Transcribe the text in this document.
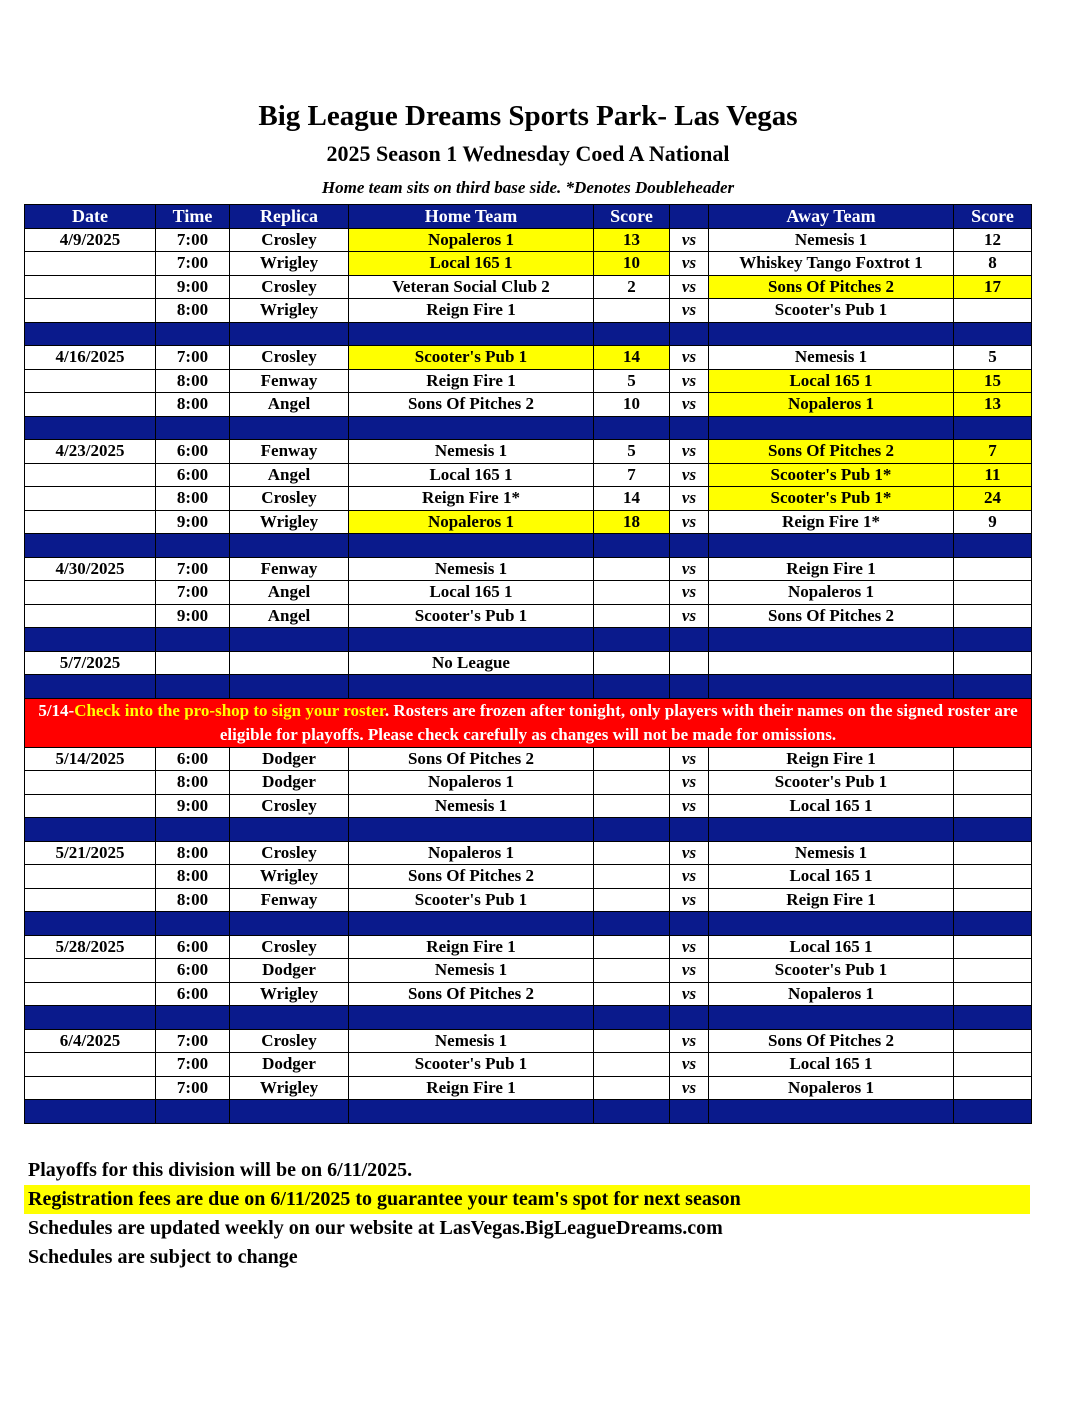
Big League Dreams Sports Park- Las Vegas
2025 Season 1 Wednesday Coed A National
Home team sits on third base side. *Denotes Doubleheader
Date	Time	Replica	Home Team	Score		Away Team	Score
4/9/2025	7:00	Crosley	Nopaleros 1	13	vs	Nemesis 1	12
	7:00	Wrigley	Local 165 1	10	vs	Whiskey Tango Foxtrot 1	8
	9:00	Crosley	Veteran Social Club 2	2	vs	Sons Of Pitches 2	17
	8:00	Wrigley	Reign Fire 1		vs	Scooter's Pub 1	

4/16/2025	7:00	Crosley	Scooter's Pub 1	14	vs	Nemesis 1	5
	8:00	Fenway	Reign Fire 1	5	vs	Local 165 1	15
	8:00	Angel	Sons Of Pitches 2	10	vs	Nopaleros 1	13

4/23/2025	6:00	Fenway	Nemesis 1	5	vs	Sons Of Pitches 2	7
	6:00	Angel	Local 165 1	7	vs	Scooter's Pub 1*	11
	8:00	Crosley	Reign Fire 1*	14	vs	Scooter's Pub 1*	24
	9:00	Wrigley	Nopaleros 1	18	vs	Reign Fire 1*	9

4/30/2025	7:00	Fenway	Nemesis 1		vs	Reign Fire 1	
	7:00	Angel	Local 165 1		vs	Nopaleros 1	
	9:00	Angel	Scooter's Pub 1		vs	Sons Of Pitches 2	

5/7/2025			No League				

5/14-Check into the pro-shop to sign your roster. Rosters are frozen after tonight, only players with their names on the signed roster are eligible for playoffs. Please check carefully as changes will not be made for omissions.							
5/14/2025	6:00	Dodger	Sons Of Pitches 2		vs	Reign Fire 1	
	8:00	Dodger	Nopaleros 1		vs	Scooter's Pub 1	
	9:00	Crosley	Nemesis 1		vs	Local 165 1	

5/21/2025	8:00	Crosley	Nopaleros 1		vs	Nemesis 1	
	8:00	Wrigley	Sons Of Pitches 2		vs	Local 165 1	
	8:00	Fenway	Scooter's Pub 1		vs	Reign Fire 1	

5/28/2025	6:00	Crosley	Reign Fire 1		vs	Local 165 1	
	6:00	Dodger	Nemesis 1		vs	Scooter's Pub 1	
	6:00	Wrigley	Sons Of Pitches 2		vs	Nopaleros 1	

6/4/2025	7:00	Crosley	Nemesis 1		vs	Sons Of Pitches 2	
	7:00	Dodger	Scooter's Pub 1		vs	Local 165 1	
	7:00	Wrigley	Reign Fire 1		vs	Nopaleros 1	

Playoffs for this division will be on 6/11/2025.
Registration fees are due on 6/11/2025 to guarantee your team's spot for next season
Schedules are updated weekly on our website at LasVegas.BigLeagueDreams.com
Schedules are subject to change
